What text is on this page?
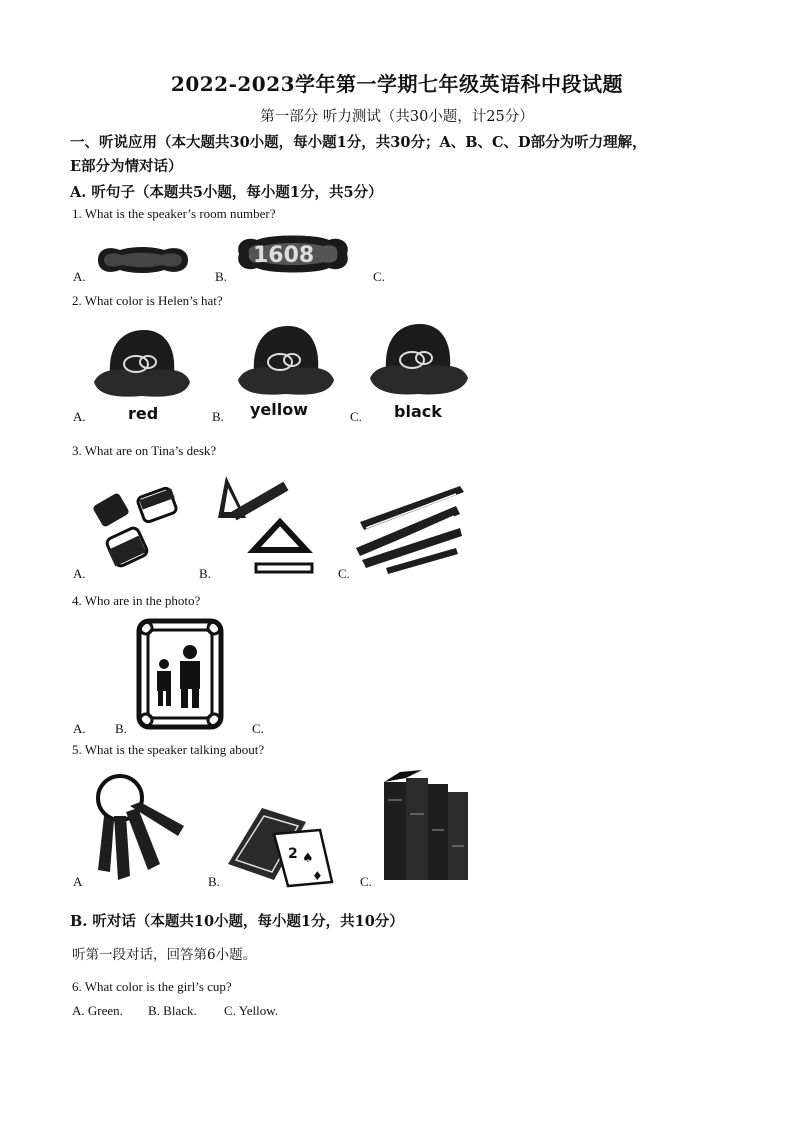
2022-2023学年第一学期七年级英语科中段试题
第一部分 听力测试（共30小题，计25分）
一、听说应用（本大题共30小题，每小题1分，共30分；A、B、C、D部分为听力理解，
E部分为情对话）
A. 听句子（本题共5小题，每小题1分，共5分）
1. What is the speaker’s room number?
A.	B.
1608
C.
2. What color is Helen’s hat?
A.	red	B. yellow	C. black
3. What are on Tina’s desk?
A.	B.	C.
4. Who are in the photo?
A. B.	C.
5. What is the speaker talking about?
A	B.
2 ♠
♦	C.
B. 听对话（本题共10小题，每小题1分，共10分）
听第一段对话，回答第6小题。
6. What color is the girl’s cup?
A. Green. B. Black. C. Yellow.
